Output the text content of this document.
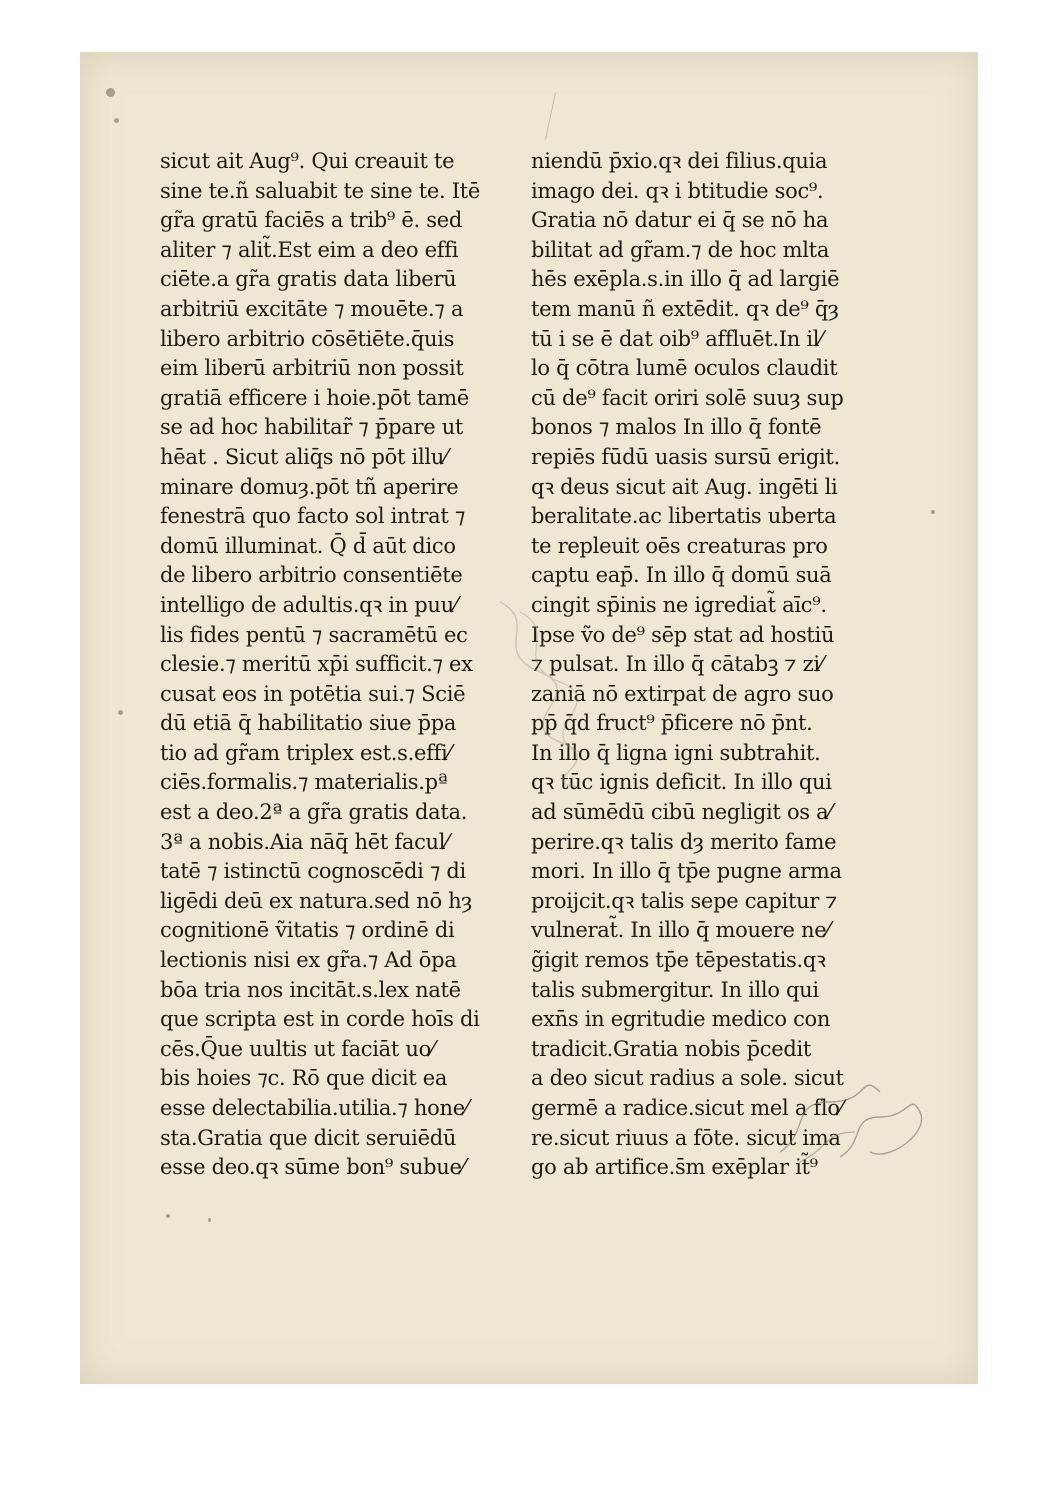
sicut ait Aug⁹. Qui creauit te
sine te.ñ saluabit te sine te. Itē
gr̃a gratū faciēs a trib⁹ ē. sed
aliter ⁊ alit̃.Est eim a deo effi
ciēte.a gr̃a gratis data liberū
arbitriū excitāte ⁊ mouēte.⁊ a
libero arbitrio cōsētiēte.q̄uis
eim liberū arbitriū non possit
gratiā efficere i hoie.pōt tamē
se ad hoc habilitar̃ ⁊ p̄pare ut
hēat . Sicut aliq̄s nō pōt illu⁄
minare domuȝ.pōt tñ aperire
fenestrā quo facto sol intrat ⁊
domū illuminat. Q̄ d̄ aūt dico
de libero arbitrio consentiēte
intelligo de adultis.qꝛ in puu⁄
lis fides pentū ⁊ sacramētū ec
clesie.⁊ meritū xp̄i sufficit.⁊ ex
cusat eos in potētia sui.⁊ Sciē
dū etiā q̄ habilitatio siue p̄pa
tio ad gr̃am triplex est.s.effi⁄
ciēs.formalis.⁊ materialis.pª
est a deo.2ª a gr̃a gratis data.
3ª a nobis.Aia nāq̄ hēt facul⁄
tatē ⁊ istinctū cognoscēdi ⁊ di
ligēdi deū ex natura.sed nō hȝ
cognitionē ṽitatis ⁊ ordinē di
lectionis nisi ex gr̃a.⁊ Ad ōpa
bōa tria nos incitāt.s.lex natē
que scripta est in corde hoīs di
cēs.Q̄ue uultis ut faciāt uo⁄
bis hoies ⁊c. Rō que dicit ea
esse delectabilia.utilia.⁊ hone⁄
sta.Gratia que dicit seruiēdū
esse deo.qꝛ sūme bon⁹ subue⁄
niendū p̄xio.qꝛ dei filius.quia
imago dei. qꝛ i btitudie soc⁹.
Gratia nō datur ei q̄ se nō ha
bilitat ad gr̃am.⁊ de hoc mlta
hēs exēpla.s.in illo q̄ ad largiē
tem manū ñ extēdit. qꝛ de⁹ q̄ȝ
tū i se ē dat oib⁹ affluēt.In il⁄
lo q̄ cōtra lumē oculos claudit
cū de⁹ facit oriri solē suuȝ sup
bonos ⁊ malos In illo q̄ fontē
repiēs fūdū uasis sursū erigit.
qꝛ deus sicut ait Aug. ingēti li
beralitate.ac libertatis uberta
te repleuit oēs creaturas pro
captu eap̄. In illo q̄ domū suā
cingit sp̄inis ne igrediat̃ aīc⁹.
Ipse ṽo de⁹ sēp stat ad hostiū
⁊ pulsat. In illo q̄ cātabꝫ ⁊ zi⁄
zaniā nō extirpat de agro suo
pp̄ q̄d fruct⁹ p̄ficere nō p̄nt.
In illo q̄ ligna igni subtrahit.
qꝛ tūc ignis deficit. In illo qui
ad sūmēdū cibū negligit os a⁄
perire.qꝛ talis dȝ merito fame
mori. In illo q̄ tp̄e pugne arma
proijcit.qꝛ talis sepe capitur ⁊
vulnerat̃. In illo q̄ mouere ne⁄
g̃igit remos tp̄e tēpestatis.qꝛ
talis submergitur. In illo qui
exn̄s in egritudie medico con
tradicit.Gratia nobis p̄cedit
a deo sicut radius a sole. sicut
germē a radice.sicut mel a flo⁄
re.sicut riuus a fōte. sicut ima
go ab artifice.s̄m exēplar it̃⁹
